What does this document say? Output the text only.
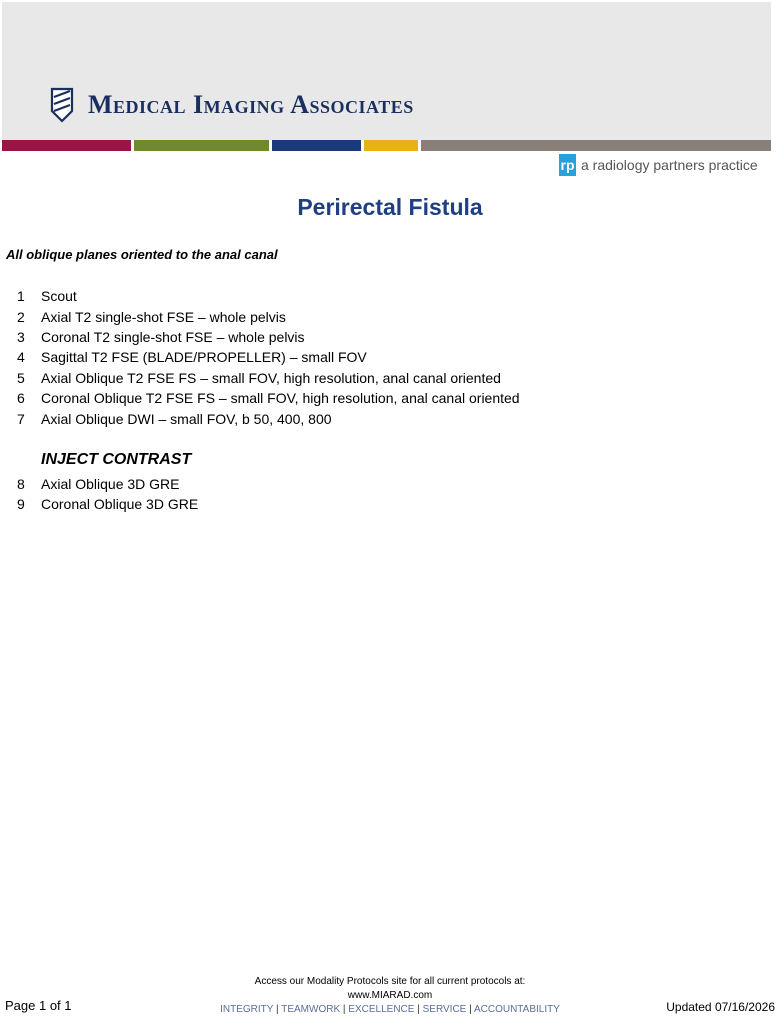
Medical Imaging Associates
rp a radiology partners practice
Perirectal Fistula
All oblique planes oriented to the anal canal
1 Scout
2 Axial T2 single-shot FSE – whole pelvis
3 Coronal T2 single-shot FSE – whole pelvis
4 Sagittal T2 FSE (BLADE/PROPELLER) – small FOV
5 Axial Oblique T2 FSE FS – small FOV, high resolution, anal canal oriented
6 Coronal Oblique T2 FSE FS – small FOV, high resolution, anal canal oriented
7 Axial Oblique DWI – small FOV, b 50, 400, 800
INJECT CONTRAST
8 Axial Oblique 3D GRE
9 Coronal Oblique 3D GRE
Access our Modality Protocols site for all current protocols at:
www.MIARAD.com
INTEGRITY | TEAMWORK | EXCELLENCE | SERVICE | ACCOUNTABILITY
Page 1 of 1	Updated 07/16/2026
